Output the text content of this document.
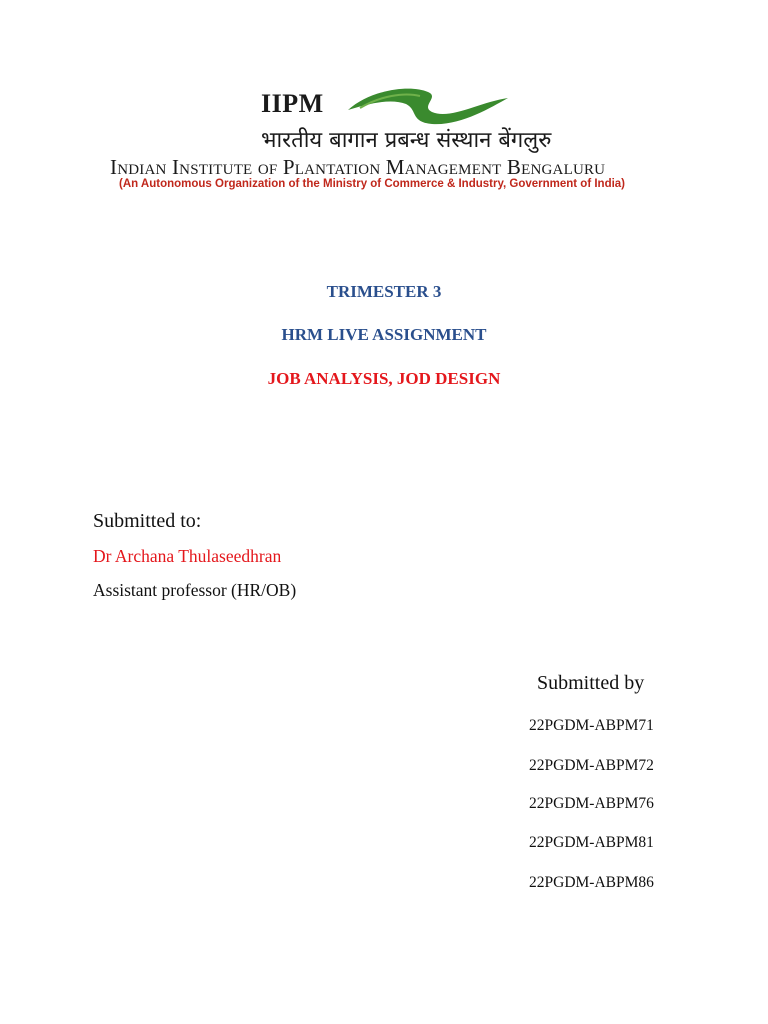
IIPM
भारतीय बागान प्रबन्ध संस्थान बेंगलुरु
Indian Institute of Plantation Management Bengaluru
(An Autonomous Organization of the Ministry of Commerce & Industry, Government of India)
TRIMESTER 3
HRM LIVE ASSIGNMENT
JOB ANALYSIS, JOD DESIGN
Submitted to:
Dr Archana Thulaseedhran
Assistant professor (HR/OB)
Submitted by
22PGDM-ABPM71
22PGDM-ABPM72
22PGDM-ABPM76
22PGDM-ABPM81
22PGDM-ABPM86
